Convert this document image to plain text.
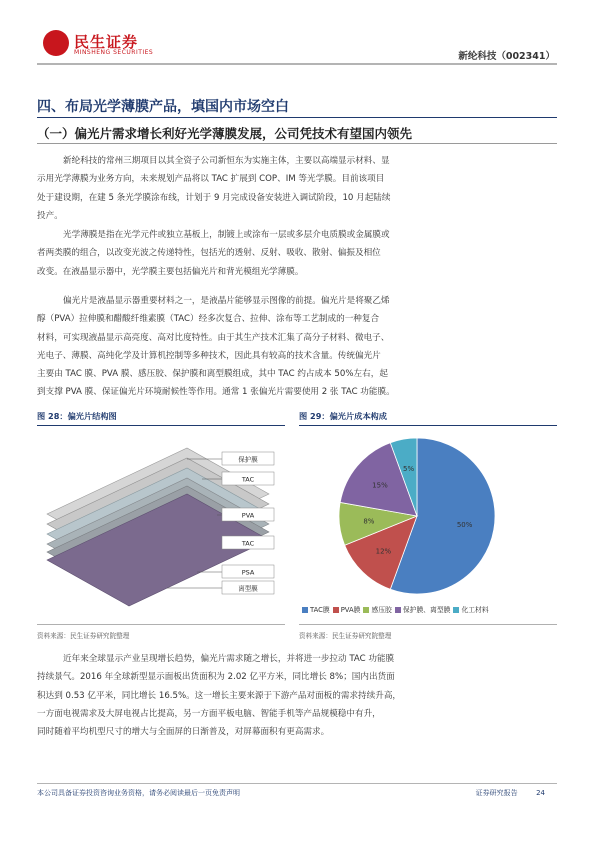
民生证券
MINSHENG SECURITIES	新纶科技（002341）
四、布局光学薄膜产品，填国内市场空白
（一）偏光片需求增长利好光学薄膜发展，公司凭技术有望国内领先
新纶科技的常州三期项目以其全资子公司新恒东为实施主体，主要以高端显示材料、显
示用光学薄膜为业务方向，未来规划产品将以 TAC 扩展到 COP、IM 等光学膜。目前该项目
处于建设期，在建 5 条光学膜涂布线，计划于 9 月完成设备安装进入调试阶段，10 月起陆续
投产。
光学薄膜是指在光学元件或独立基板上，制镀上或涂布一层或多层介电质膜或金属膜或
者两类膜的组合，以改变光波之传递特性，包括光的透射、反射、吸收、散射、偏振及相位
改变。在液晶显示器中，光学膜主要包括偏光片和背光模组光学薄膜。
偏光片是液晶显示器重要材料之一，是液晶片能够显示图像的前提。偏光片是将聚乙烯
醇（PVA）拉伸膜和醋酸纤维素膜（TAC）经多次复合、拉伸、涂布等工艺制成的一种复合
材料，可实现液晶显示高亮度、高对比度特性。由于其生产技术汇集了高分子材料、微电子、
光电子、薄膜、高纯化学及计算机控制等多种技术，因此具有较高的技术含量。传统偏光片
主要由 TAC 膜、PVA 膜、感压胶、保护膜和离型膜组成，其中 TAC 约占成本 50%左右，起
到支撑 PVA 膜、保证偏光片环境耐候性等作用。通常 1 张偏光片需要使用 2 张 TAC 功能膜。
图 28：偏光片结构图
保护膜
TAC
PVA
TAC
PSA
离型膜
资料来源：民生证券研究院整理
图 29：偏光片成本构成
50%
12%
8%
15%
5%
TAC膜 PVA膜 感压胶 保护膜、离型膜 化工材料
资料来源：民生证券研究院整理
近年来全球显示产业呈现增长趋势，偏光片需求随之增长，并将进一步拉动 TAC 功能膜
持续景气。2016 年全球新型显示面板出货面积为 2.02 亿平方米，同比增长 8%；国内出货面
积达到 0.53 亿平米，同比增长 16.5%。这一增长主要来源于下游产品对面板的需求持续升高，
一方面电视需求及大屏电视占比提高，另一方面平板电脑、智能手机等产品规模稳中有升，
同时随着平均机型尺寸的增大与全面屏的日渐普及，对屏幕面积有更高需求。
本公司具备证券投资咨询业务资格，请务必阅读最后一页免责声明	证券研究报告	24
